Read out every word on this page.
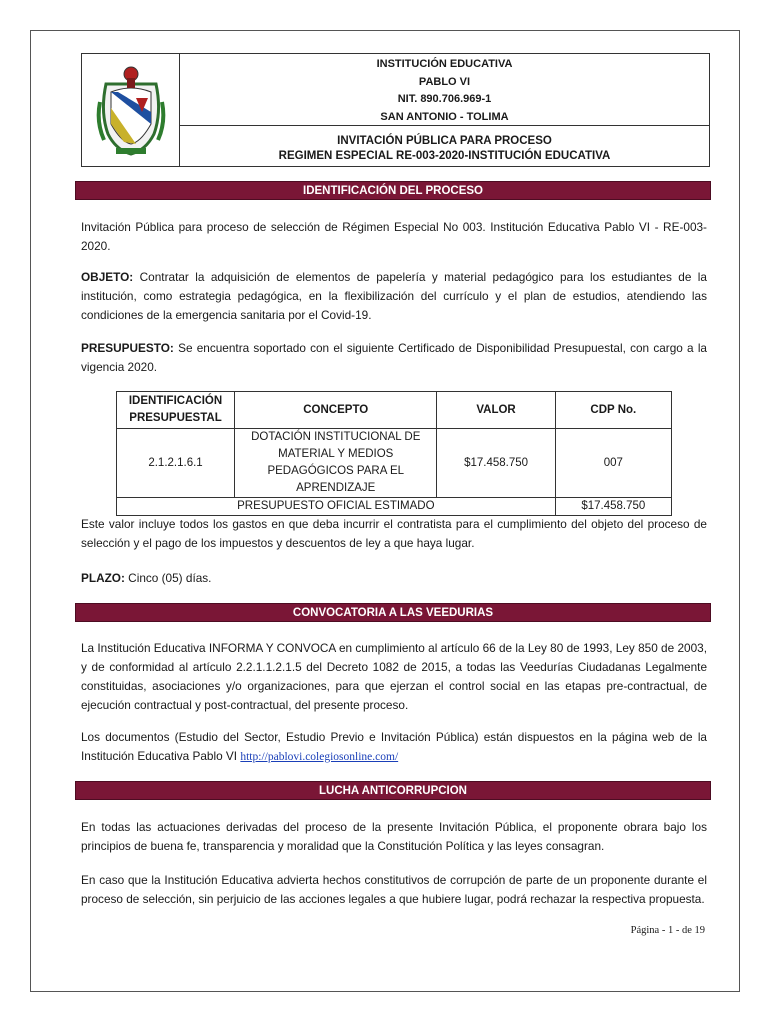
INSTITUCIÓN EDUCATIVA
PABLO VI
NIT. 890.706.969-1
SAN ANTONIO - TOLIMA
INVITACIÓN PÚBLICA PARA PROCESO
REGIMEN ESPECIAL RE-003-2020-INSTITUCIÓN EDUCATIVA
IDENTIFICACIÓN DEL PROCESO
Invitación Pública para proceso de selección de Régimen Especial No 003. Institución Educativa Pablo VI - RE-003-2020.
OBJETO: Contratar la adquisición de elementos de papelería y material pedagógico para los estudiantes de la institución, como estrategia pedagógica, en la flexibilización del currículo y el plan de estudios, atendiendo las condiciones de la emergencia sanitaria por el Covid-19.
PRESUPUESTO: Se encuentra soportado con el siguiente Certificado de Disponibilidad Presupuestal, con cargo a la vigencia 2020.
IDENTIFICACIÓN PRESUPUESTAL	CONCEPTO	VALOR	CDP No.
2.1.2.1.6.1	DOTACIÓN INSTITUCIONAL DE MATERIAL Y MEDIOS PEDAGÓGICOS PARA EL APRENDIZAJE	$17.458.750	007
PRESUPUESTO OFICIAL ESTIMADO			$17.458.750
Este valor incluye todos los gastos en que deba incurrir el contratista para el cumplimiento del objeto del proceso de selección y el pago de los impuestos y descuentos de ley a que haya lugar.
PLAZO: Cinco (05) días.
CONVOCATORIA A LAS VEEDURIAS
La Institución Educativa INFORMA Y CONVOCA en cumplimiento al artículo 66 de la Ley 80 de 1993, Ley 850 de 2003, y de conformidad al artículo 2.2.1.1.2.1.5 del Decreto 1082 de 2015, a todas las Veedurías Ciudadanas Legalmente constituidas, asociaciones y/o organizaciones, para que ejerzan el control social en las etapas pre-contractual, de ejecución contractual y post-contractual, del presente proceso.
Los documentos (Estudio del Sector, Estudio Previo e Invitación Pública) están dispuestos en la página web de la Institución Educativa Pablo VI http://pablovi.colegiosonline.com/
LUCHA ANTICORRUPCION
En todas las actuaciones derivadas del proceso de la presente Invitación Pública, el proponente obrara bajo los principios de buena fe, transparencia y moralidad que la Constitución Política y las leyes consagran.
En caso que la Institución Educativa advierta hechos constitutivos de corrupción de parte de un proponente durante el proceso de selección, sin perjuicio de las acciones legales a que hubiere lugar, podrá rechazar la respectiva propuesta.
Página - 1 - de 19
